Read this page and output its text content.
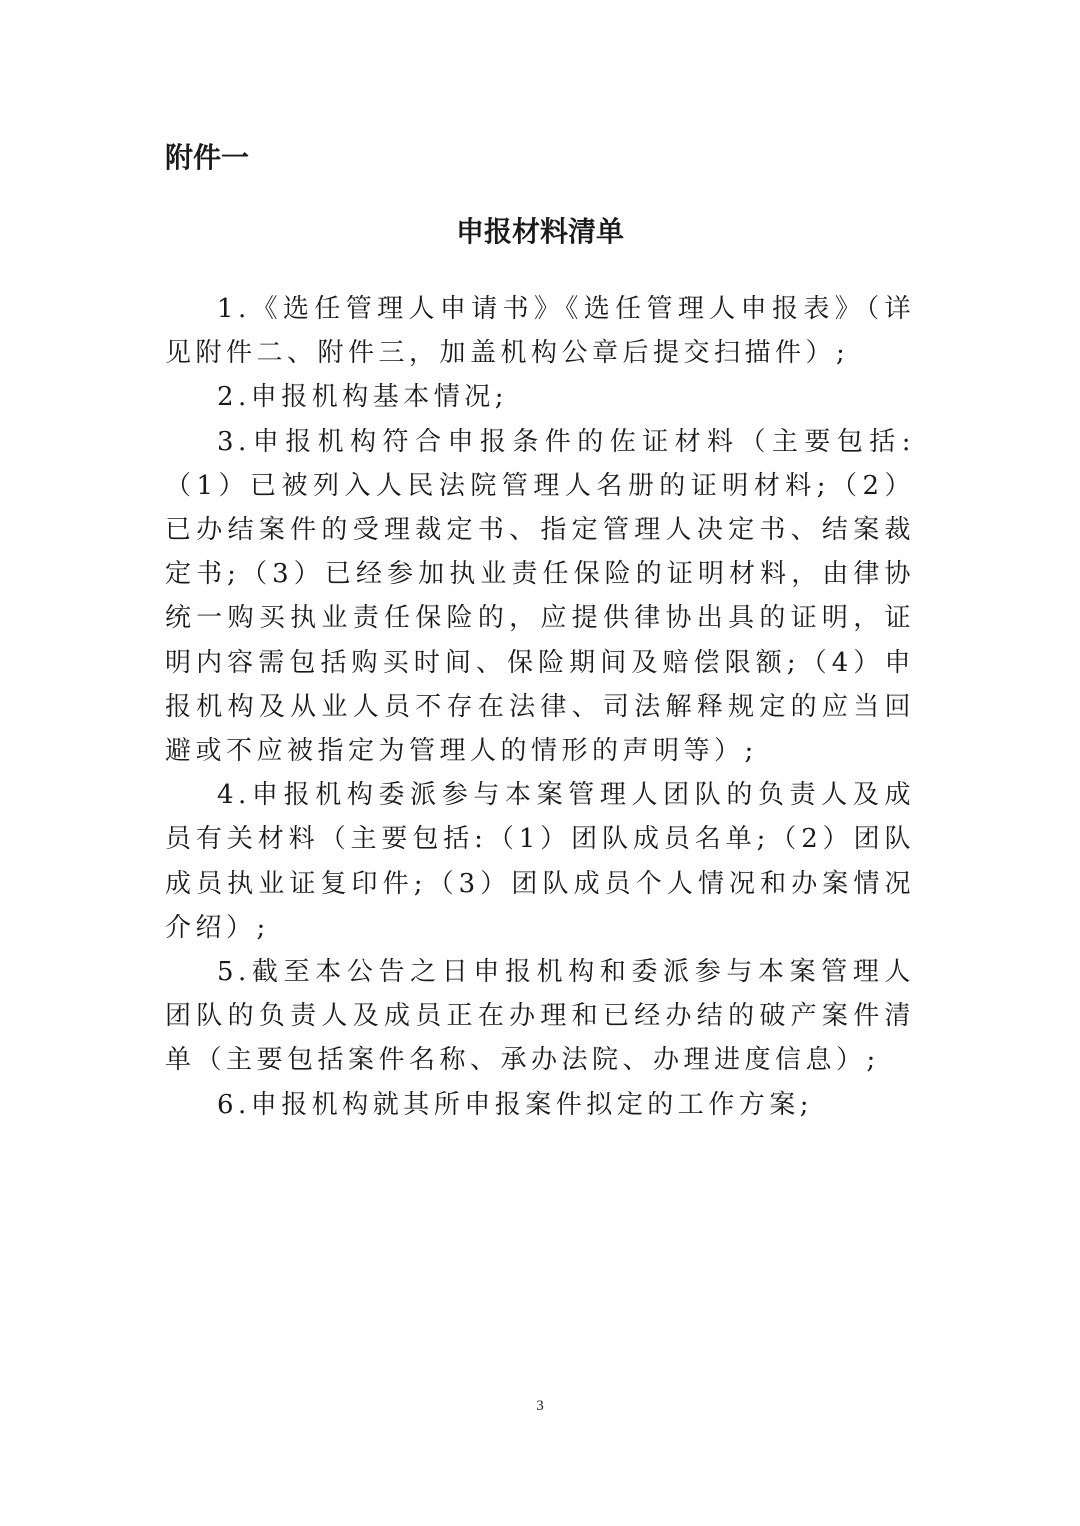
附件一

申报材料清单

1.《选任管理人申请书》《选任管理人申报表》（详见附件二、附件三，加盖机构公章后提交扫描件）;

2.申报机构基本情况;

3.申报机构符合申报条件的佐证材料（主要包括:（1）已被列入人民法院管理人名册的证明材料;（2）已办结案件的受理裁定书、指定管理人决定书、结案裁定书;（3）已经参加执业责任保险的证明材料，由律协统一购买执业责任保险的，应提供律协出具的证明，证明内容需包括购买时间、保险期间及赔偿限额;（4）申报机构及从业人员不存在法律、司法解释规定的应当回避或不应被指定为管理人的情形的声明等）;

4.申报机构委派参与本案管理人团队的负责人及成员有关材料（主要包括:（1）团队成员名单;（2）团队成员执业证复印件;（3）团队成员个人情况和办案情况介绍）;

5.截至本公告之日申报机构和委派参与本案管理人团队的负责人及成员正在办理和已经办结的破产案件清单（主要包括案件名称、承办法院、办理进度信息）;

6.申报机构就其所申报案件拟定的工作方案;

3
